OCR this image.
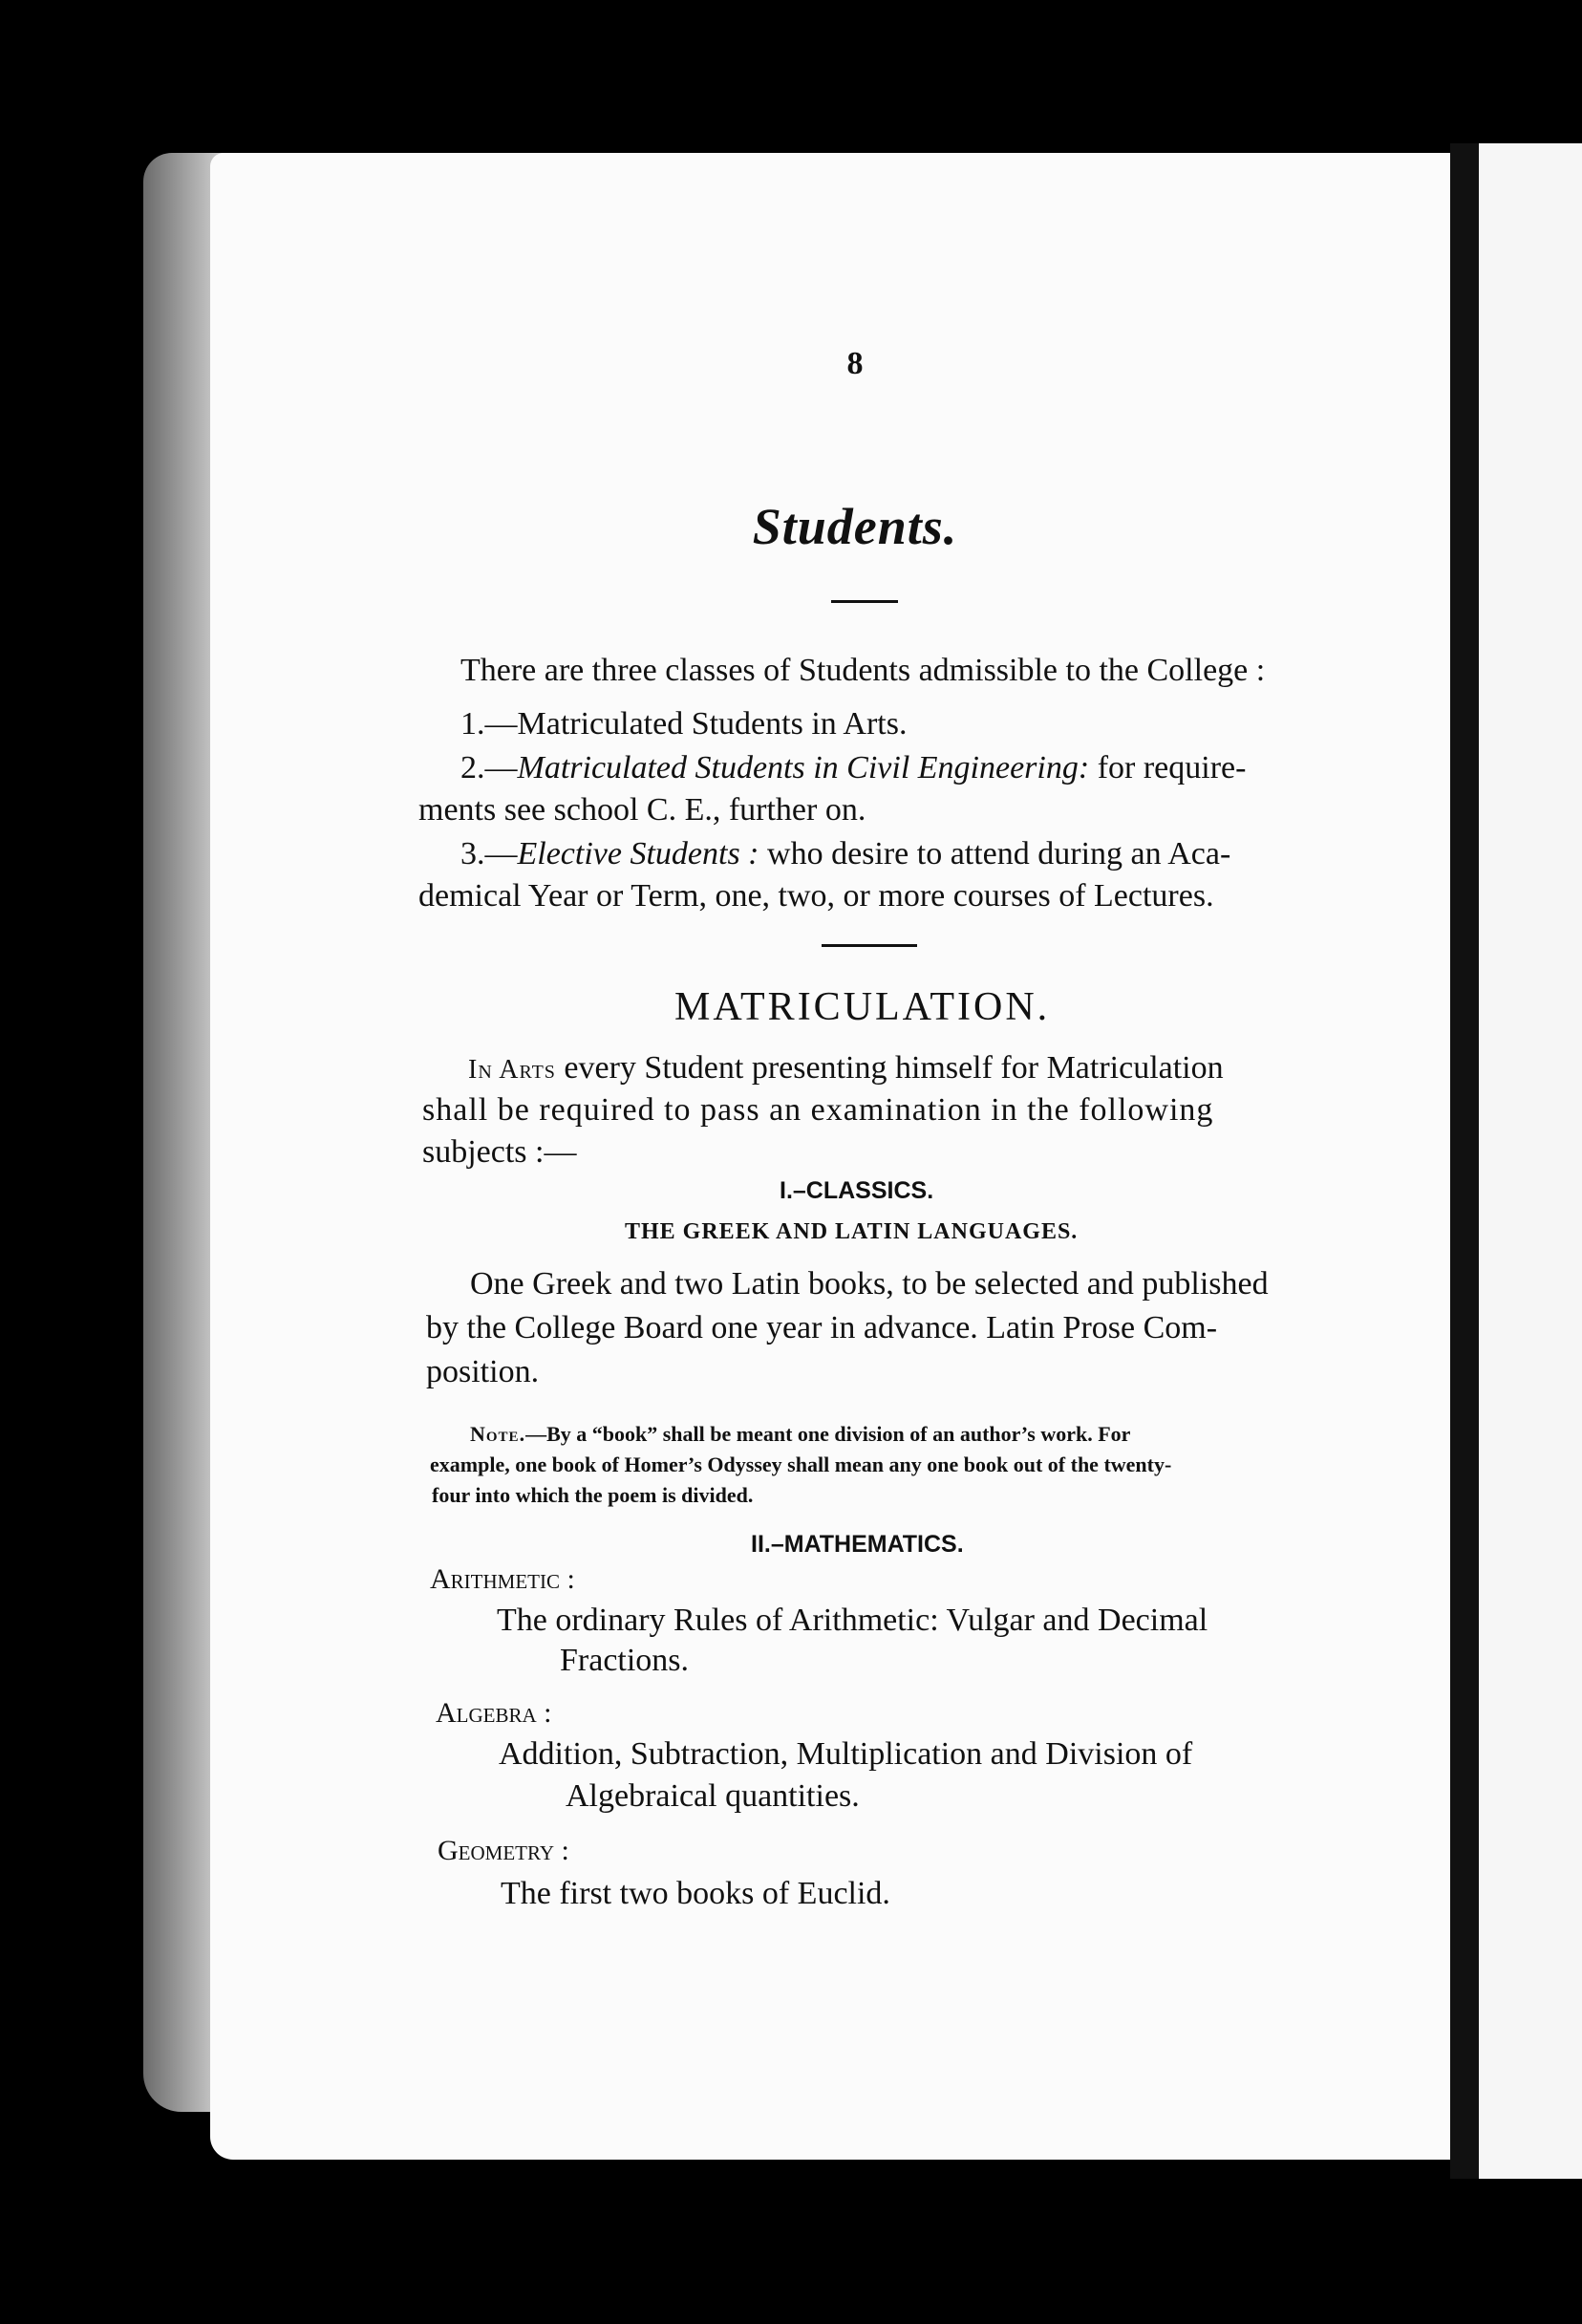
8
Students.
There are three classes of Students admissible to the College :
1.—Matriculated Students in Arts.
2.—Matriculated Students in Civil Engineering: for require-
ments see school C. E., further on.
3.—Elective Students : who desire to attend during an Aca-
demical Year or Term, one, two, or more courses of Lectures.
MATRICULATION.
In Arts every Student presenting himself for Matriculation
shall be required to pass an examination in the following
subjects :—
I.–CLASSICS.
THE GREEK AND LATIN LANGUAGES.
One Greek and two Latin books, to be selected and published
by the College Board one year in advance. Latin Prose Com-
position.
Note.—By a “book” shall be meant one division of an author’s work. For
example, one book of Homer’s Odyssey shall mean any one book out of the twenty-
four into which the poem is divided.
II.–MATHEMATICS.
Arithmetic :
The ordinary Rules of Arithmetic: Vulgar and Decimal
Fractions.
Algebra :
Addition, Subtraction, Multiplication and Division of
Algebraical quantities.
Geometry :
The first two books of Euclid.
